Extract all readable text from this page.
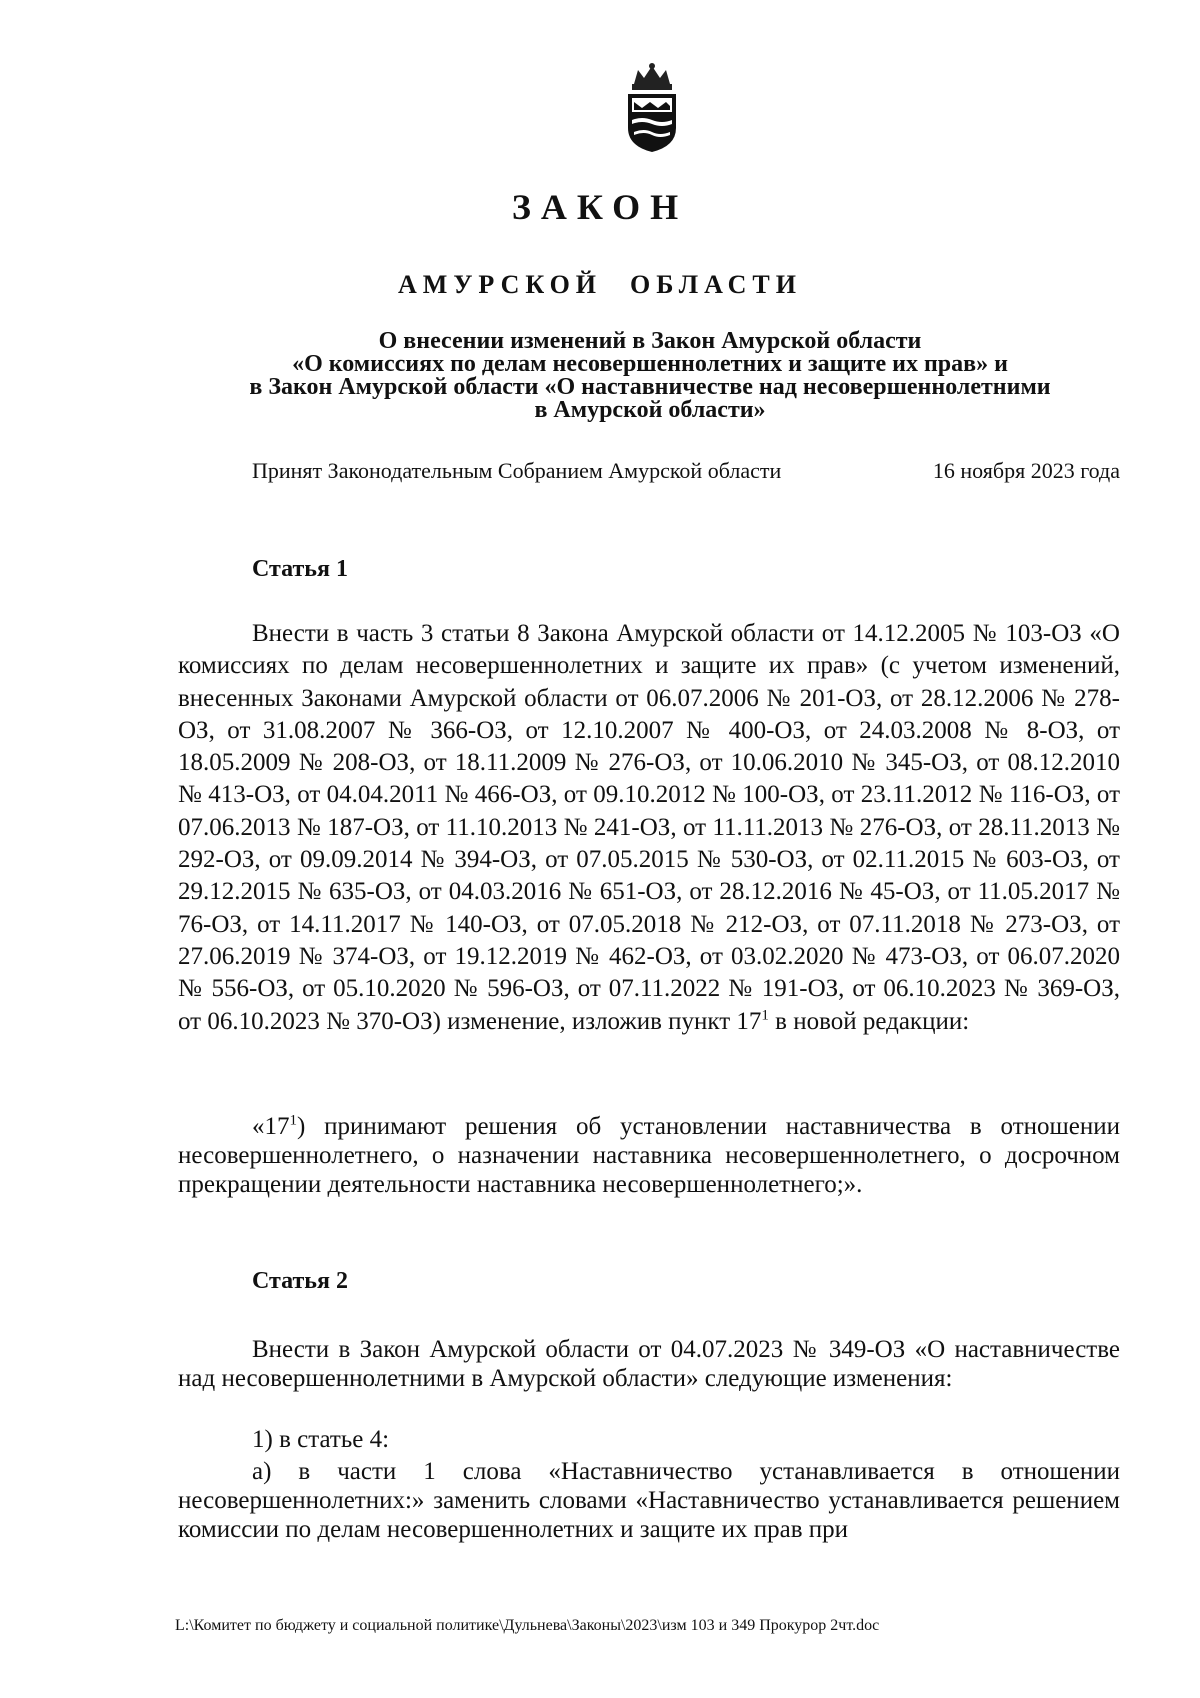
ЗАКОН
АМУРСКОЙ ОБЛАСТИ
О внесении изменений в Закон Амурской области
«О комиссиях по делам несовершеннолетних и защите их прав» и
в Закон Амурской области «О наставничестве над несовершеннолетними
в Амурской области»
Принят Законодательным Собранием Амурской области	16 ноября 2023 года
Статья 1
Внести в часть 3 статьи 8 Закона Амурской области от 14.12.2005 № 103-ОЗ «О комиссиях по делам несовершеннолетних и защите их прав» (с учетом изменений, внесенных Законами Амурской области от 06.07.2006 № 201-ОЗ, от 28.12.2006 № 278-ОЗ, от 31.08.2007 № 366-ОЗ, от 12.10.2007 № 400-ОЗ, от 24.03.2008 № 8-ОЗ, от 18.05.2009 № 208-ОЗ, от 18.11.2009 № 276-ОЗ, от 10.06.2010 № 345-ОЗ, от 08.12.2010 № 413-ОЗ, от 04.04.2011 № 466-ОЗ, от 09.10.2012 № 100-ОЗ, от 23.11.2012 № 116-ОЗ, от 07.06.2013 № 187-ОЗ, от 11.10.2013 № 241-ОЗ, от 11.11.2013 № 276-ОЗ, от 28.11.2013 № 292-ОЗ, от 09.09.2014 № 394-ОЗ, от 07.05.2015 № 530-ОЗ, от 02.11.2015 № 603-ОЗ, от 29.12.2015 № 635-ОЗ, от 04.03.2016 № 651-ОЗ, от 28.12.2016 № 45-ОЗ, от 11.05.2017 № 76-ОЗ, от 14.11.2017 № 140-ОЗ, от 07.05.2018 № 212-ОЗ, от 07.11.2018 № 273-ОЗ, от 27.06.2019 № 374-ОЗ, от 19.12.2019 № 462-ОЗ, от 03.02.2020 № 473-ОЗ, от 06.07.2020 № 556-ОЗ, от 05.10.2020 № 596-ОЗ, от 07.11.2022 № 191-ОЗ, от 06.10.2023 № 369-ОЗ, от 06.10.2023 № 370-ОЗ) изменение, изложив пункт $17^1$ в новой редакции:
«$17^1$) принимают решения об установлении наставничества в отношении несовершеннолетнего, о назначении наставника несовершеннолетнего, о досрочном прекращении деятельности наставника несовершеннолетнего;».
Статья 2
Внести в Закон Амурской области от 04.07.2023 № 349-ОЗ «О наставничестве над несовершеннолетними в Амурской области» следующие изменения:
1) в статье 4:
а) в части 1 слова «Наставничество устанавливается в отношении несовершеннолетних:» заменить словами «Наставничество устанавливается решением комиссии по делам несовершеннолетних и защите их прав при
L:\Комитет по бюджету и социальной политике\Дульнева\Законы\2023\изм 103 и 349 Прокурор 2чт.doc
